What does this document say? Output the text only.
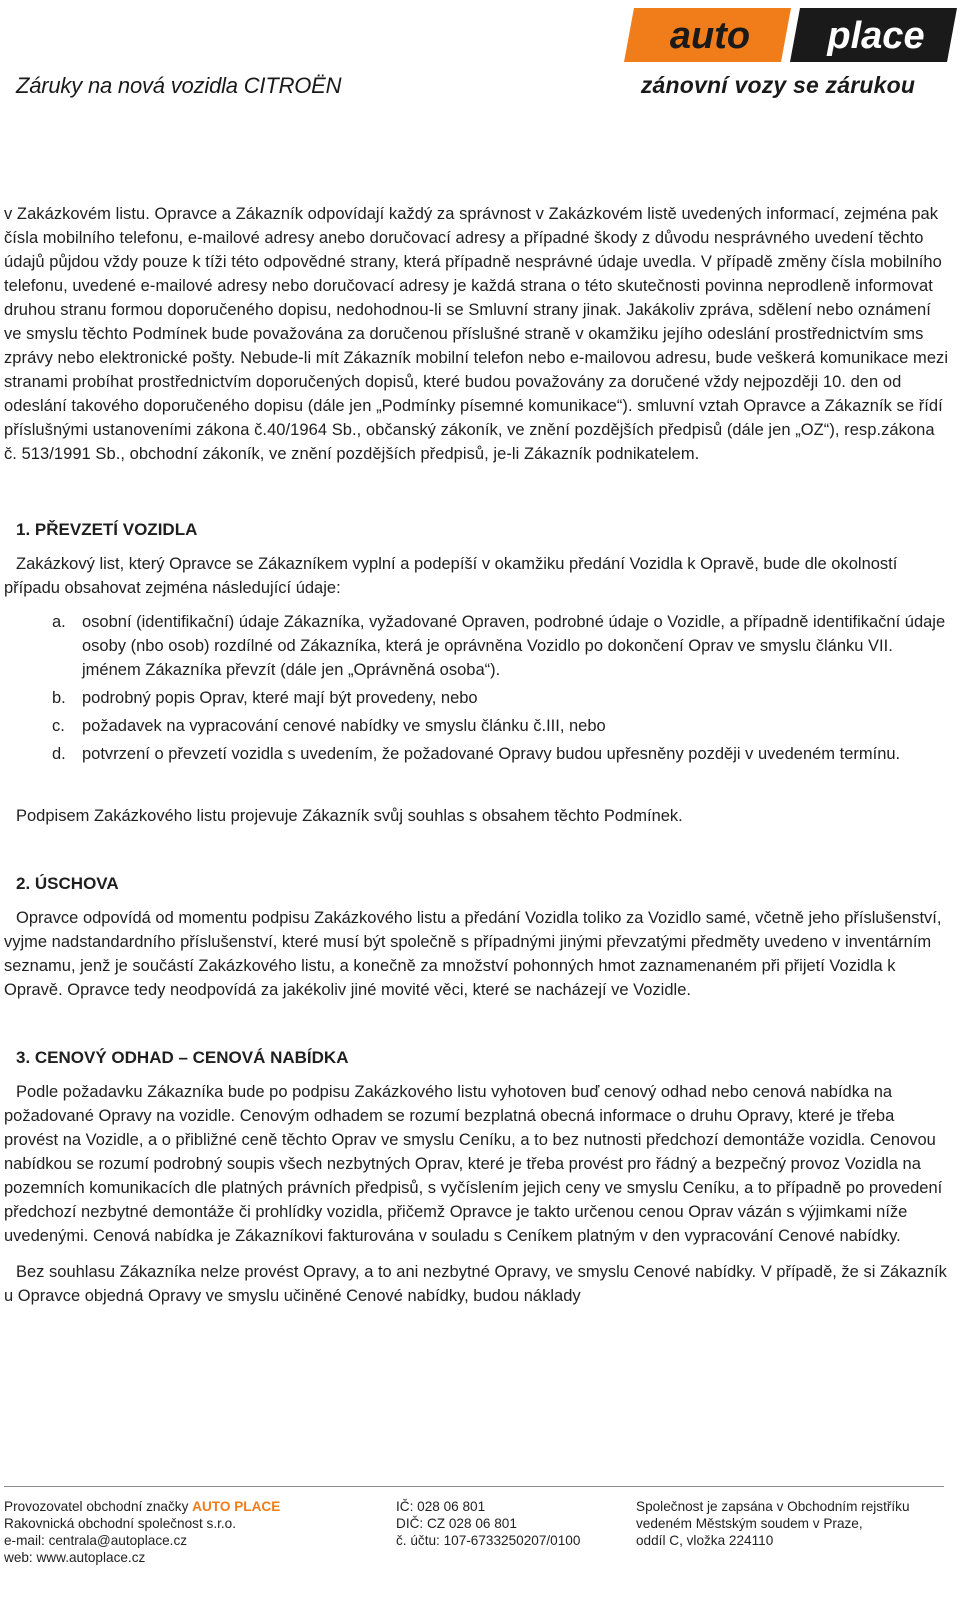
Záruky na nová vozidla CITROËN
auto place
zánovní vozy se zárukou

v Zakázkovém listu. Opravce a Zákazník odpovídají každý za správnost v Zakázkovém listě uvedených informací, zejména pak čísla mobilního telefonu, e-mailové adresy anebo doručovací adresy a případné škody z důvodu nesprávného uvedení těchto údajů půjdou vždy pouze k tíži této odpovědné strany, která případně nesprávné údaje uvedla. V případě změny čísla mobilního telefonu, uvedené e-mailové adresy nebo doručovací adresy je každá strana o této skutečnosti povinna neprodleně informovat druhou stranu formou doporučeného dopisu, nedohodnou-li se Smluvní strany jinak. Jakákoliv zpráva, sdělení nebo oznámení ve smyslu těchto Podmínek bude považována za doručenou příslušné straně v okamžiku jejího odeslání prostřednictvím sms zprávy nebo elektronické pošty. Nebude-li mít Zákazník mobilní telefon nebo e-mailovou adresu, bude veškerá komunikace mezi stranami probíhat prostřednictvím doporučených dopisů, které budou považovány za doručené vždy nejpozději 10. den od odeslání takového doporučeného dopisu (dále jen „Podmínky písemné komunikace“). smluvní vztah Opravce a Zákazník se řídí příslušnými ustanoveními zákona č.40/1964 Sb., občanský zákoník, ve znění pozdějších předpisů (dále jen „OZ“), resp.zákona č. 513/1991 Sb., obchodní zákoník, ve znění pozdějších předpisů, je-li Zákazník podnikatelem.

1. PŘEVZETÍ VOZIDLA

Zakázkový list, který Opravce se Zákazníkem vyplní a podepíší v okamžiku předání Vozidla k Opravě, bude dle okolností případu obsahovat zejména následující údaje:

a. osobní (identifikační) údaje Zákazníka, vyžadované Opraven, podrobné údaje o Vozidle, a případně identifikační údaje osoby (nbo osob) rozdílné od Zákazníka, která je oprávněna Vozidlo po dokončení Oprav ve smyslu článku VII. jménem Zákazníka převzít (dále jen „Oprávněná osoba“).
b. podrobný popis Oprav, které mají být provedeny, nebo
c.	požadavek na vypracování cenové nabídky ve smyslu článku č.III, nebo
d. potvrzení o převzetí vozidla s uvedením, že požadované Opravy budou upřesněny později v uvedeném termínu.

Podpisem Zakázkového listu projevuje Zákazník svůj souhlas s obsahem těchto Podmínek.

2. ÚSCHOVA

Opravce odpovídá od momentu podpisu Zakázkového listu a předání Vozidla toliko za Vozidlo samé, včetně jeho příslušenství, vyjme nadstandardního příslušenství, které musí být společně s případnými jinými převzatými předměty uvedeno v inventárním seznamu, jenž je součástí Zakázkového listu, a konečně za množství pohonných hmot zaznamenaném při přijetí Vozidla k Opravě. Opravce tedy neodpovídá za jakékoliv jiné movité věci, které se nacházejí ve Vozidle.

3. CENOVÝ ODHAD – CENOVÁ NABÍDKA

Podle požadavku Zákazníka bude po podpisu Zakázkového listu vyhotoven buď cenový odhad nebo cenová nabídka na požadované Opravy na vozidle. Cenovým odhadem se rozumí bezplatná obecná informace o druhu Opravy, které je třeba provést na Vozidle, a o přibližné ceně těchto Oprav ve smyslu Ceníku, a to bez nutnosti předchozí demontáže vozidla. Cenovou nabídkou se rozumí podrobný soupis všech nezbytných Oprav, které je třeba provést pro řádný a bezpečný provoz Vozidla na pozemních komunikacích dle platných právních předpisů, s vyčíslením jejich ceny ve smyslu Ceníku, a to případně po provedení předchozí nezbytné demontáže či prohlídky vozidla, přičemž Opravce je takto určenou cenou Oprav vázán s výjimkami níže uvedenými. Cenová nabídka je Zákazníkovi fakturována v souladu s Ceníkem platným v den vypracování Cenové nabídky.

Bez souhlasu Zákazníka nelze provést Opravy, a to ani nezbytné Opravy, ve smyslu Cenové nabídky. V případě, že si Zákazník u Opravce objedná Opravy ve smyslu učiněné Cenové nabídky, budou náklady

Provozovatel obchodní značky AUTO PLACE
Rakovnická obchodní společnost s.r.o.
e-mail: centrala@autoplace.cz
web: www.autoplace.cz
IČ: 028 06 801
DIČ: CZ 028 06 801
č. účtu: 107-6733250207/0100
Společnost je zapsána v Obchodním rejstříku
vedeném Městským soudem v Praze,
oddíl C, vložka 224110
